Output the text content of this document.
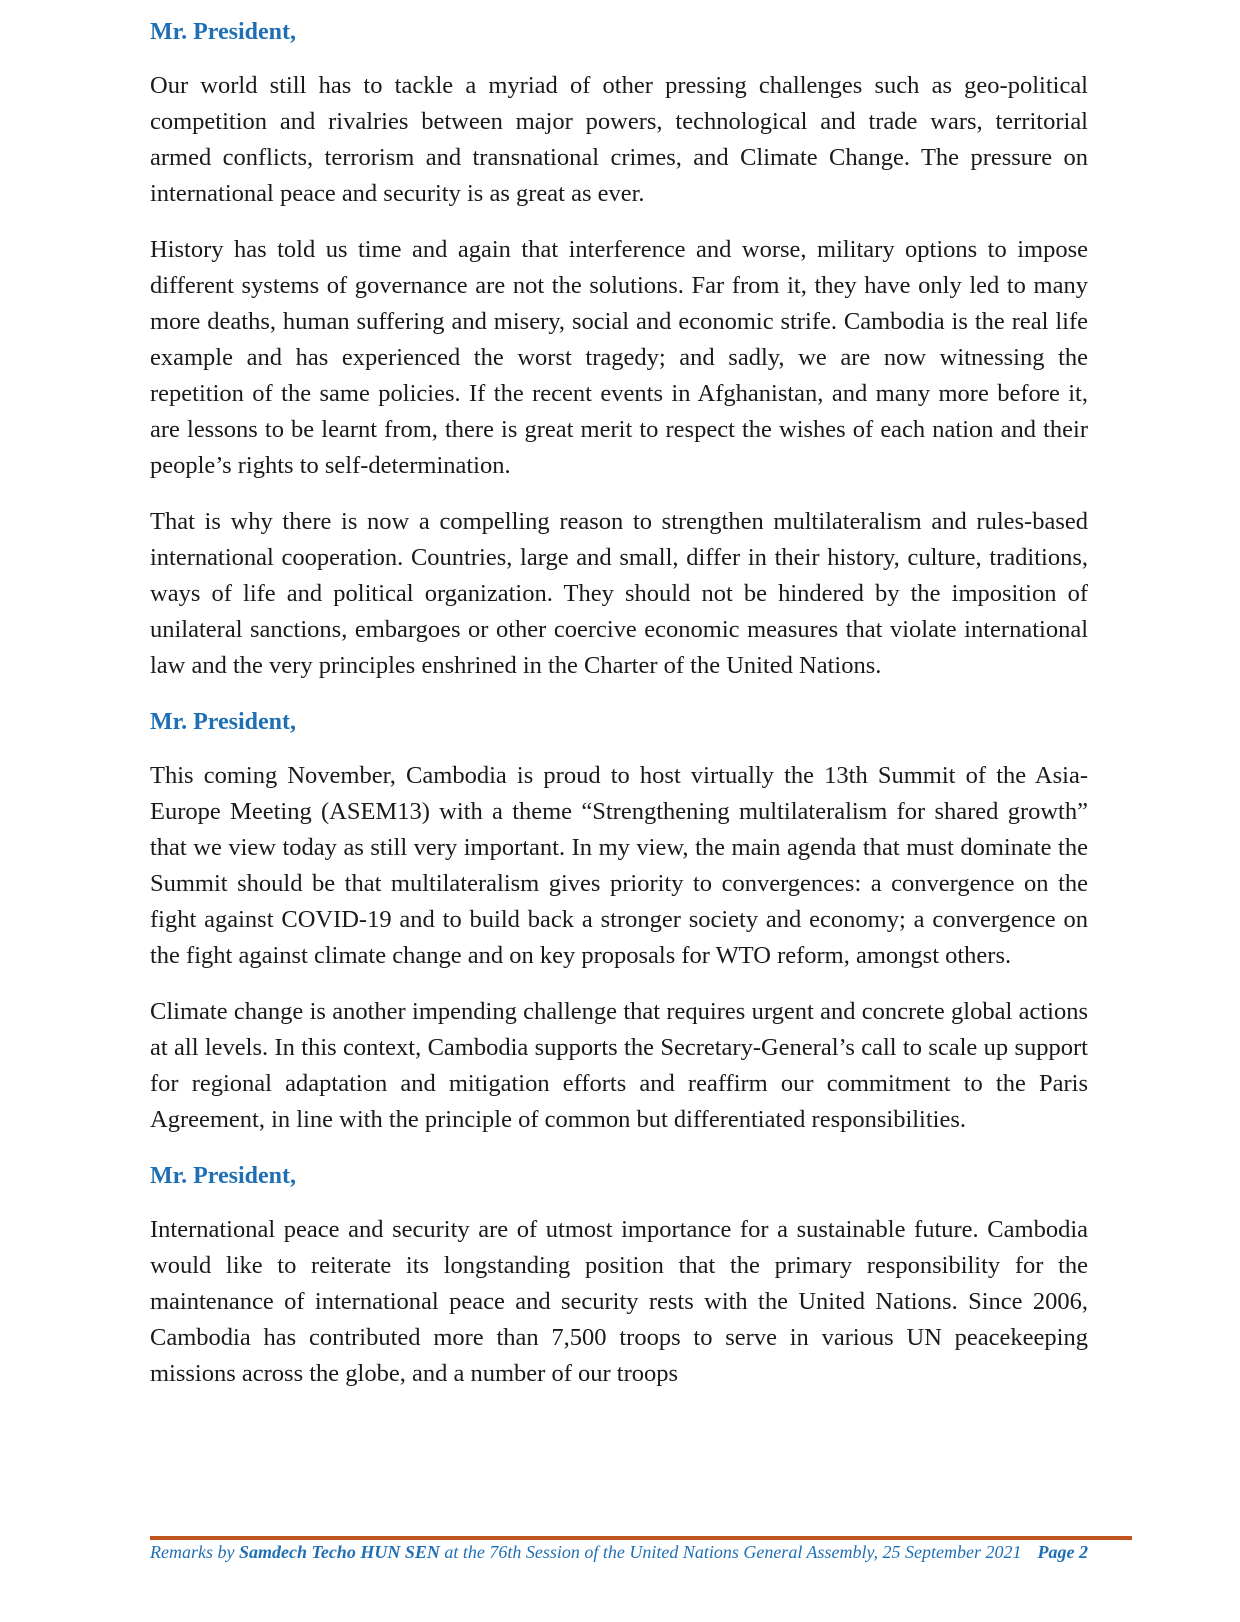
Mr. President,

Our world still has to tackle a myriad of other pressing challenges such as geo-political competition and rivalries between major powers, technological and trade wars, territorial armed conflicts, terrorism and transnational crimes, and Climate Change. The pressure on international peace and security is as great as ever.

History has told us time and again that interference and worse, military options to impose different systems of governance are not the solutions. Far from it, they have only led to many more deaths, human suffering and misery, social and economic strife. Cambodia is the real life example and has experienced the worst tragedy; and sadly, we are now witnessing the repetition of the same policies. If the recent events in Afghanistan, and many more before it, are lessons to be learnt from, there is great merit to respect the wishes of each nation and their people’s rights to self-determination.

That is why there is now a compelling reason to strengthen multilateralism and rules-based international cooperation. Countries, large and small, differ in their history, culture, traditions, ways of life and political organization. They should not be hindered by the imposition of unilateral sanctions, embargoes or other coercive economic measures that violate international law and the very principles enshrined in the Charter of the United Nations.

Mr. President,

This coming November, Cambodia is proud to host virtually the 13th Summit of the Asia-Europe Meeting (ASEM13) with a theme “Strengthening multilateralism for shared growth” that we view today as still very important. In my view, the main agenda that must dominate the Summit should be that multilateralism gives priority to convergences: a convergence on the fight against COVID-19 and to build back a stronger society and economy; a convergence on the fight against climate change and on key proposals for WTO reform, amongst others.

Climate change is another impending challenge that requires urgent and concrete global actions at all levels. In this context, Cambodia supports the Secretary-General’s call to scale up support for regional adaptation and mitigation efforts and reaffirm our commitment to the Paris Agreement, in line with the principle of common but differentiated responsibilities.

Mr. President,

International peace and security are of utmost importance for a sustainable future. Cambodia would like to reiterate its longstanding position that the primary responsibility for the maintenance of international peace and security rests with the United Nations. Since 2006, Cambodia has contributed more than 7,500 troops to serve in various UN peacekeeping missions across the globe, and a number of our troops

Remarks by Samdech Techo HUN SEN at the 76th Session of the United Nations General Assembly, 25 September 2021 Page 2
